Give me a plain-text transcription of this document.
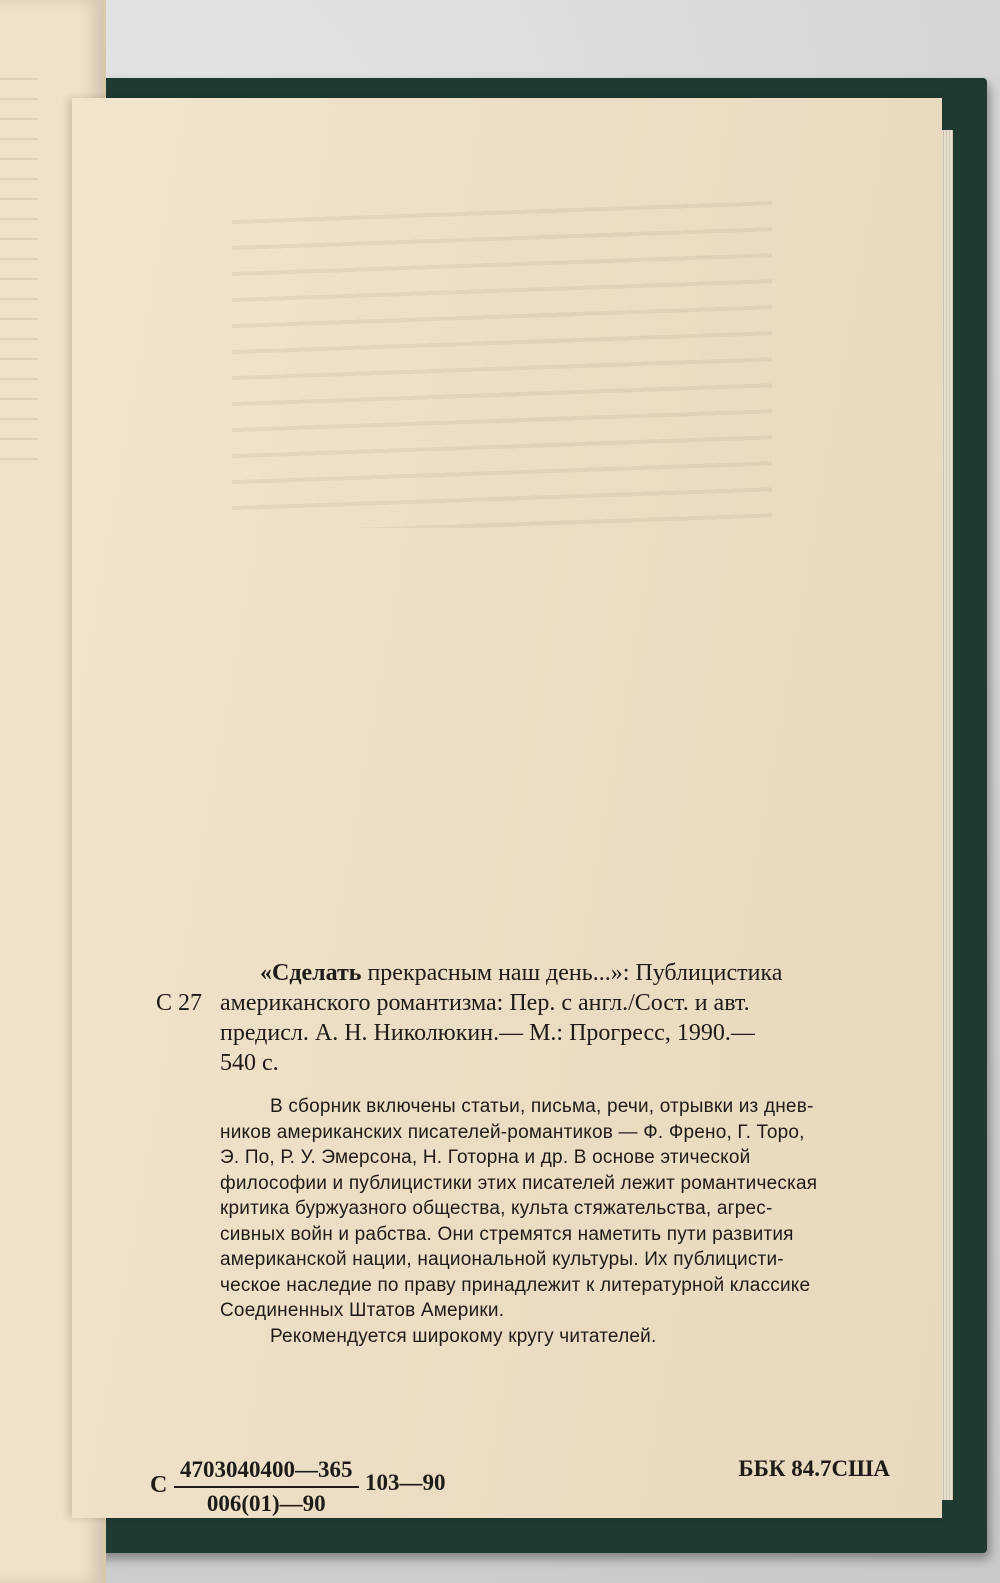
С 27
«Сделать прекрасным наш день...»: Публицистика
американского романтизма: Пер. с англ./Сост. и авт.
предисл. А. Н. Николюкин.— М.: Прогресс, 1990.—
540 с.
В сборник включены статьи, письма, речи, отрывки из днев-
ников американских писателей-романтиков — Ф. Френо, Г. Торо,
Э. По, Р. У. Эмерсона, Н. Готорна и др. В основе этической
философии и публицистики этих писателей лежит романтическая
критика буржуазного общества, культа стяжательства, агрес-
сивных войн и рабства. Они стремятся наметить пути развития
американской нации, национальной культуры. Их публицисти-
ческое наследие по праву принадлежит к литературной классике
Соединенных Штатов Америки.
Рекомендуется широкому кругу читателей.
С $\frac{4703040400—365}{006(01)—90}$ 103—90
ББК 84.7США
